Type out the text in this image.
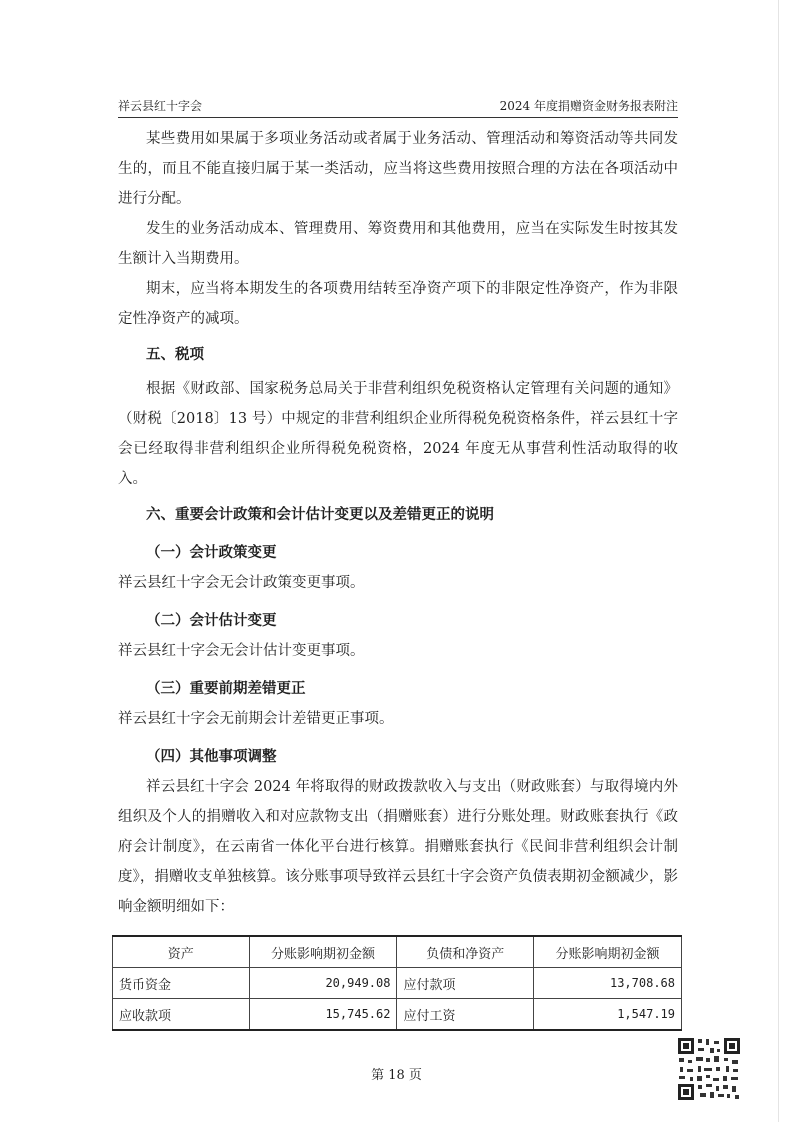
祥云县红十字会	2024 年度捐赠资金财务报表附注

某些费用如果属于多项业务活动或者属于业务活动、管理活动和筹资活动等共同发生的，而且不能直接归属于某一类活动，应当将这些费用按照合理的方法在各项活动中进行分配。

发生的业务活动成本、管理费用、筹资费用和其他费用，应当在实际发生时按其发生额计入当期费用。

期末，应当将本期发生的各项费用结转至净资产项下的非限定性净资产，作为非限定性净资产的减项。

五、税项

根据《财政部、国家税务总局关于非营利组织免税资格认定管理有关问题的通知》（财税〔2018〕13 号）中规定的非营利组织企业所得税免税资格条件，祥云县红十字会已经取得非营利组织企业所得税免税资格，2024 年度无从事营利性活动取得的收入。

六、重要会计政策和会计估计变更以及差错更正的说明

（一）会计政策变更

祥云县红十字会无会计政策变更事项。

（二）会计估计变更

祥云县红十字会无会计估计变更事项。

（三）重要前期差错更正

祥云县红十字会无前期会计差错更正事项。

（四）其他事项调整

祥云县红十字会 2024 年将取得的财政拨款收入与支出（财政账套）与取得境内外组织及个人的捐赠收入和对应款物支出（捐赠账套）进行分账处理。财政账套执行《政府会计制度》，在云南省一体化平台进行核算。捐赠账套执行《民间非营利组织会计制度》，捐赠收支单独核算。该分账事项导致祥云县红十字会资产负债表期初金额减少，影响金额明细如下：

资产	分账影响期初金额	负债和净资产	分账影响期初金额
货币资金	20,949.08	应付款项	13,708.68
应收款项	15,745.62	应付工资	1,547.19
第 18 页
